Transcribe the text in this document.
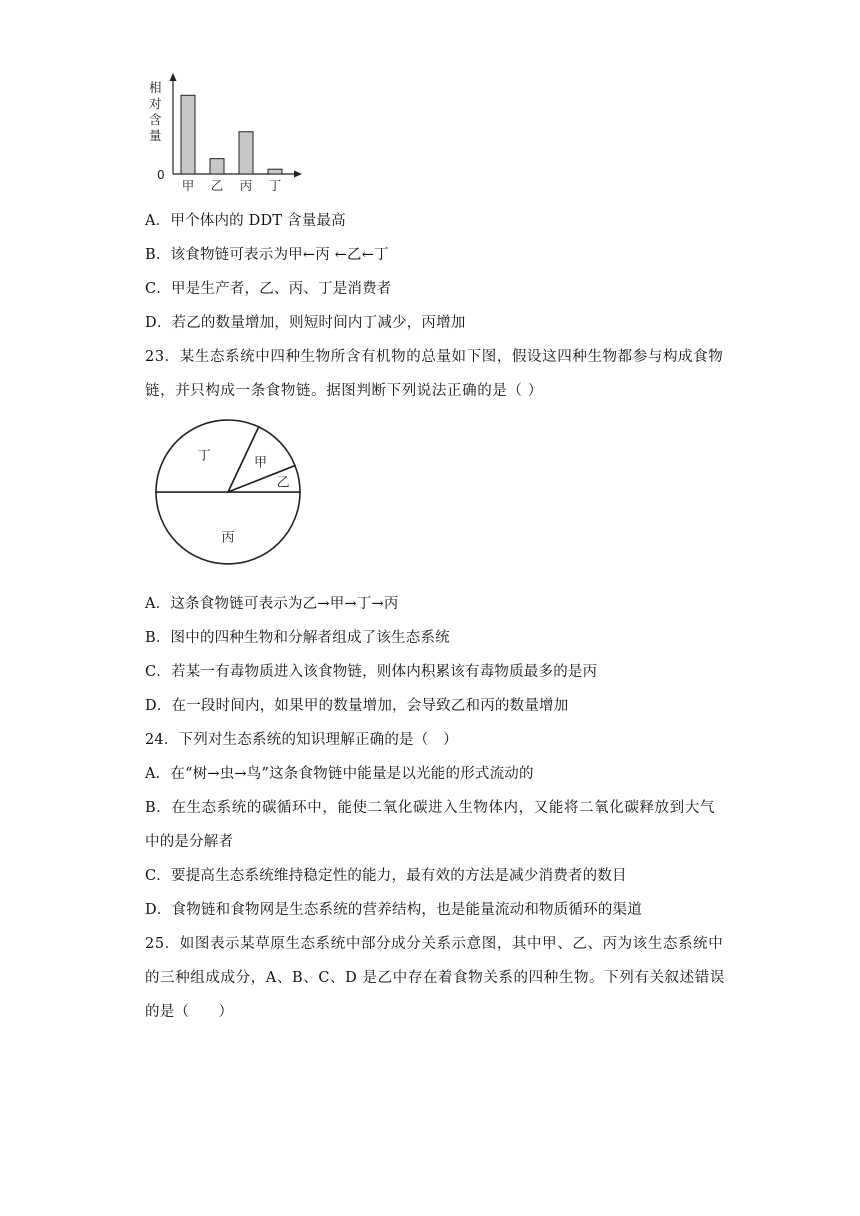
相
对
含
量
0
甲 乙 丙 丁
A．甲个体内的 DDT 含量最高
B．该食物链可表示为甲←丙 ←乙←丁
C．甲是生产者，乙、丙、丁是消费者
D．若乙的数量增加，则短时间内丁减少，丙增加
23．某生态系统中四种生物所含有机物的总量如下图，假设这四种生物都参与构成食物
链，并只构成一条食物链。据图判断下列说法正确的是（ ）
丙
乙
甲
丁
A．这条食物链可表示为乙→甲→丁→丙
B．图中的四种生物和分解者组成了该生态系统
C．若某一有毒物质进入该食物链，则体内积累该有毒物质最多的是丙
D．在一段时间内，如果甲的数量增加，会导致乙和丙的数量增加
24．下列对生态系统的知识理解正确的是（　）
A．在“树→虫→鸟”这条食物链中能量是以光能的形式流动的
B．在生态系统的碳循环中，能使二氧化碳进入生物体内，又能将二氧化碳释放到大气
中的是分解者
C．要提高生态系统维持稳定性的能力，最有效的方法是减少消费者的数目
D．食物链和食物网是生态系统的营养结构，也是能量流动和物质循环的渠道
25．如图表示某草原生态系统中部分成分关系示意图，其中甲、乙、丙为该生态系统中
的三种组成成分，A、B、C、D 是乙中存在着食物关系的四种生物。下列有关叙述错误
的是（　　）
